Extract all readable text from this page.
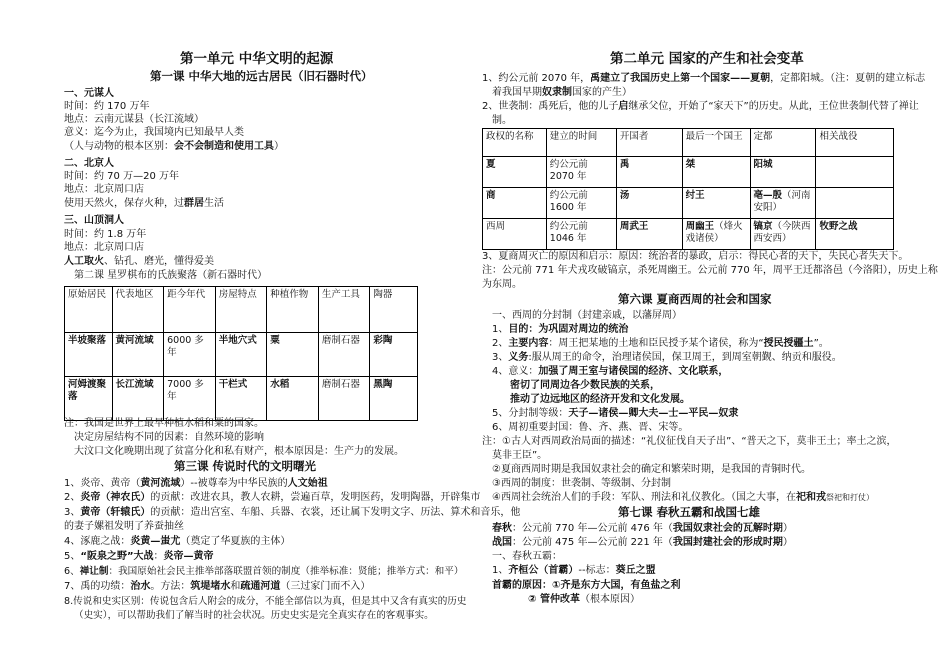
第一单元 中华文明的起源
第一课 中华大地的远古居民（旧石器时代）
一、元谋人
时间：约 170 万年
地点：云南元谋县（长江流域）
意义：迄今为止，我国境内已知最早人类
（人与动物的根本区别：会不会制造和使用工具）
二、北京人
时间：约 70 万—20 万年
地点：北京周口店
使用天然火，保存火种，过群居生活
三、山顶洞人
时间：约 1.8 万年
地点：北京周口店
人工取火、钻孔、磨光，懂得爱美
第二课 星罗棋布的氏族聚落（新石器时代）
原始居民	代表地区	距今年代	房屋特点	种植作物	生产工具	陶器
半坡聚落	黄河流域	6000 多年	半地穴式	粟	磨制石器	彩陶
河姆渡聚落	长江流域	7000 多年	干栏式	水稻	磨制石器	黑陶
注：我国是世界上最早种植水稻和粟的国家。
决定房屋结构不同的因素：自然环境的影响
大汶口文化晚期出现了贫富分化和私有财产，根本原因是：生产力的发展。
第三课 传说时代的文明曙光
1、炎帝、黄帝（黄河流域）--被尊奉为中华民族的人文始祖
2、炎帝（神农氏）的贡献：改进农具，教人农耕，尝遍百草，发明医药，发明陶器，开辟集市
3、黄帝（轩辕氏）的贡献：造出宫室、车船、兵器、衣裳，还让属下发明文字、历法、算术和音乐，他
的妻子嫘祖发明了养蚕抽丝
4、涿鹿之战：炎黄—蚩尤（奠定了华夏族的主体）
5、“阪泉之野”大战：炎帝—黄帝
6、禅让制：我国原始社会民主推举部落联盟首领的制度（推举标准：贤能；推举方式：和平）
7、禹的功绩：治水。方法：筑堤堵水和疏通河道（三过家门而不入）
8.传说和史实区别：传说包含后人附会的成分，不能全部信以为真，但是其中又含有真实的历史
（史实），可以帮助我们了解当时的社会状况。历史史实是完全真实存在的客观事实。
第二单元 国家的产生和社会变革
1、约公元前 2070 年，禹建立了我国历史上第一个国家——夏朝，定都阳城。（注：夏朝的建立标志
着我国早期奴隶制国家的产生）
2、世袭制：禹死后，他的儿子启继承父位，开始了“家天下”的历史。从此，王位世袭制代替了禅让
制。
政权的名称	建立的时间	开国者	最后一个国王	定都	相关战役
夏	约公元前 2070 年	禹	桀	阳城	
商	约公元前 1600 年	汤	纣王	亳—殷（河南安阳）	
西周	约公元前 1046 年	周武王	周幽王（烽火戏诸侯）	镐京（今陕西西安西）	牧野之战
3、夏商周灭亡的原因和启示：原因：统治者的暴政，启示：得民心者的天下，失民心者失天下。
注：公元前 771 年犬戎攻破镐京，杀死周幽王。公元前 770 年，周平王迁都洛邑（今洛阳），历史上称
为东周。
第六课 夏商西周的社会和国家
一、西周的分封制（封建亲戚，以藩屏周）
1、目的：为巩固对周边的统治
2、主要内容：周王把某地的土地和臣民授予某个诸侯，称为“授民授疆土”。
3、义务:服从周王的命令，治理诸侯国，保卫周王，到周室朝觐、纳贡和服役。
4、意义：加强了周王室与诸侯国的经济、文化联系，
密切了同周边各少数民族的关系，
推动了边远地区的经济开发和文化发展。
5、分封制等级：天子—诸侯—卿大夫—士—平民—奴隶
6、周初重要封国：鲁、齐、燕、晋、宋等。
注：①古人对西周政治局面的描述：“礼仪征伐自天子出”、“普天之下，莫非王土；率土之滨，
莫非王臣”。
②夏商西周时期是我国奴隶社会的确定和繁荣时期，是我国的青铜时代。
③西周的制度：世袭制、等级制、分封制
④西周社会统治人们的手段：军队、刑法和礼仪教化。（国之大事，在祀和戎祭祀和打仗）
第七课 春秋五霸和战国七雄
春秋：公元前 770 年—公元前 476 年（我国奴隶社会的瓦解时期）
战国：公元前 475 年—公元前 221 年（我国封建社会的形成时期）
一、春秋五霸：
1、齐桓公（首霸）--标志：葵丘之盟
首霸的原因：①齐是东方大国，有鱼盐之利
② 管仲改革（根本原因）
